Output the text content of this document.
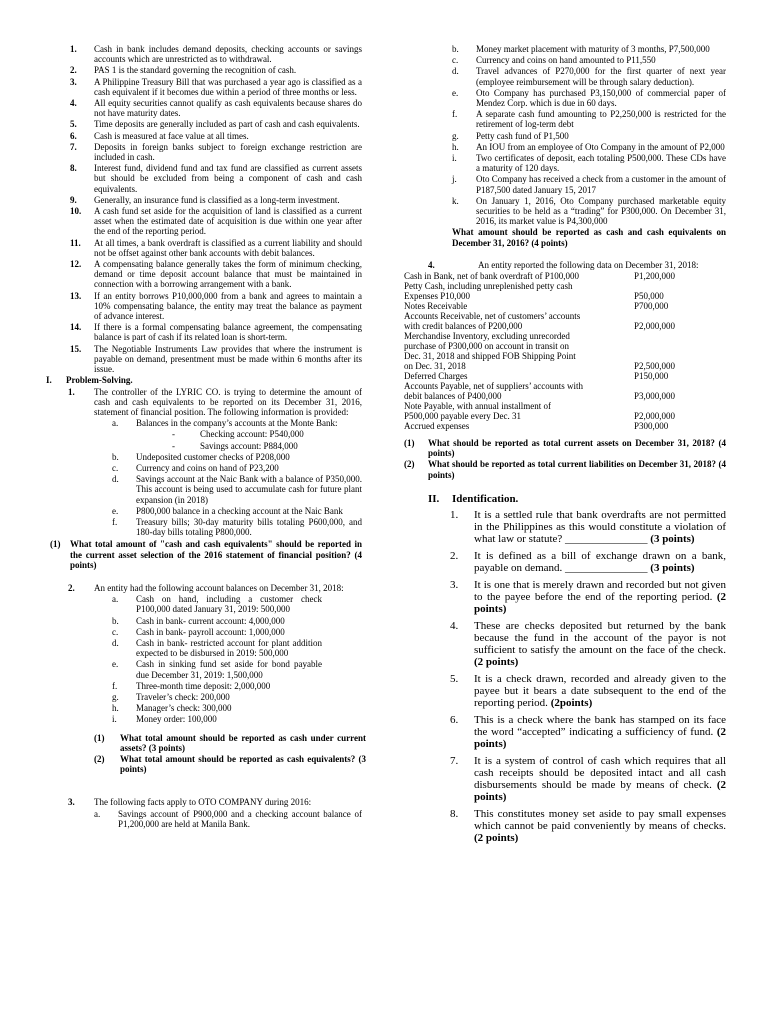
1.	Cash in bank includes demand deposits, checking accounts or savings accounts which are unrestricted as to withdrawal.
2.	PAS 1 is the standard governing the recognition of cash.
3.	A Philippine Treasury Bill that was purchased a year ago is classified as a cash equivalent if it becomes due within a period of three months or less.
4.	All equity securities cannot qualify as cash equivalents because shares do not have maturity dates.
5.	Time deposits are generally included as part of cash and cash equivalents.
6.	Cash is measured at face value at all times.
7.	Deposits in foreign banks subject to foreign exchange restriction are included in cash.
8.	Interest fund, dividend fund and tax fund are classified as current assets but should be excluded from being a component of cash and cash equivalents.
9.	Generally, an insurance fund is classified as a long-term investment.
10.	A cash fund set aside for the acquisition of land is classified as a current asset when the estimated date of acquisition is due within one year after the end of the reporting period.
11.	At all times, a bank overdraft is classified as a current liability and should not be offset against other bank accounts with debit balances.
12.	A compensating balance generally takes the form of minimum checking, demand or time deposit account balance that must be maintained in connection with a borrowing arrangement with a bank.
13.	If an entity borrows P10,000,000 from a bank and agrees to maintain a 10% compensating balance, the entity may treat the balance as payment of advance interest.
14.	If there is a formal compensating balance agreement, the compensating balance is part of cash if its related loan is short-term.
15.	The Negotiable Instruments Law provides that where the instrument is payable on demand, presentment must be made within 6 months after its issue.
I.	Problem-Solving.
1.	The controller of the LYRIC CO. is trying to determine the amount of cash and cash equivalents to be reported on its December 31, 2016, statement of financial position. The following information is provided:
a.	Balances in the company’s accounts at the Monte Bank:
-	Checking account: P540,000
-	Savings account: P884,000
b.	Undeposited customer checks of P208,000
c.	Currency and coins on hand of P23,200
d.	Savings account at the Naic Bank with a balance of P350,000. This account is being used to accumulate cash for future plant expansion (in 2018)
e.	P800,000 balance in a checking account at the Naic Bank
f.	Treasury bills; 30-day maturity bills totaling P600,000, and 180-day bills totaling P800,000.
(1)	What total amount of "cash and cash equivalents" should be reported in the current asset selection of the 2016 statement of financial position? (4 points)
2.	An entity had the following account balances on December 31, 2018:
a.	Cash on hand, including a customer check P100,000 dated January 31, 2019: 500,000
b.	Cash in bank- current account: 4,000,000
c.	Cash in bank- payroll account: 1,000,000
d.	Cash in bank- restricted account for plant addition expected to be disbursed in 2019: 500,000
e.	Cash in sinking fund set aside for bond payable due December 31, 2019: 1,500,000
f.	Three-month time deposit: 2,000,000
g.	Traveler’s check: 200,000
h.	Manager’s check: 300,000
i.	Money order: 100,000
(1)	What total amount should be reported as cash under current assets? (3 points)
(2)	What total amount should be reported as cash equivalents? (3 points)
3.	The following facts apply to OTO COMPANY during 2016:
a.	Savings account of P900,000 and a checking account balance of P1,200,000 are held at Manila Bank.
b.	Money market placement with maturity of 3 months, P7,500,000
c.	Currency and coins on hand amounted to P11,550
d.	Travel advances of P270,000 for the first quarter of next year (employee reimbursement will be through salary deduction).
e.	Oto Company has purchased P3,150,000 of commercial paper of Mendez Corp. which is due in 60 days.
f.	A separate cash fund amounting to P2,250,000 is restricted for the retirement of log-term debt
g.	Petty cash fund of P1,500
h.	An IOU from an employee of Oto Company in the amount of P2,000
i.	Two certificates of deposit, each totaling P500,000. These CDs have a maturity of 120 days.
j.	Oto Company has received a check from a customer in the amount of P187,500 dated January 15, 2017
k.	On January 1, 2016, Oto Company purchased marketable equity securities to be held as a “trading” for P300,000. On December 31, 2016, its market value is P4,300,000
What amount should be reported as cash and cash equivalents on December 31, 2016? (4 points)
4.	An entity reported the following data on December 31, 2018:
Cash in Bank, net of bank overdraft of P100,000	P1,200,000
Petty Cash, including unreplenished petty cash	
Expenses P10,000	P50,000
Notes Receivable	P700,000
Accounts Receivable, net of customers’ accounts	
with credit balances of P200,000	P2,000,000
Merchandise Inventory, excluding unrecorded	
purchase of P300,000 on account in transit on	
Dec. 31, 2018 and shipped FOB Shipping Point	
on Dec. 31, 2018	P2,500,000
Deferred Charges	P150,000
Accounts Payable, net of suppliers’ accounts with	
debit balances of P400,000	P3,000,000
Note Payable, with annual installment of	
P500,000 payable every Dec. 31	P2,000,000
Accrued expenses	P300,000
(1)	What should be reported as total current assets on December 31, 2018? (4 points)
(2)	What should be reported as total current liabilities on December 31, 2018? (4 points)
II.	Identification.
1.	It is a settled rule that bank overdrafts are not permitted in the Philippines as this would constitute a violation of what law or statute? _______________ (3 points)
2.	It is defined as a bill of exchange drawn on a bank, payable on demand. _______________ (3 points)
3.	It is one that is merely drawn and recorded but not given to the payee before the end of the reporting period. (2 points)
4.	These are checks deposited but returned by the bank because the fund in the account of the payor is not sufficient to satisfy the amount on the face of the check. (2 points)
5.	It is a check drawn, recorded and already given to the payee but it bears a date subsequent to the end of the reporting period. (2points)
6.	This is a check where the bank has stamped on its face the word “accepted” indicating a sufficiency of fund. (2 points)
7.	It is a system of control of cash which requires that all cash receipts should be deposited intact and all cash disbursements should be made by means of check. (2 points)
8.	This constitutes money set aside to pay small expenses which cannot be paid conveniently by means of checks. (2 points)
